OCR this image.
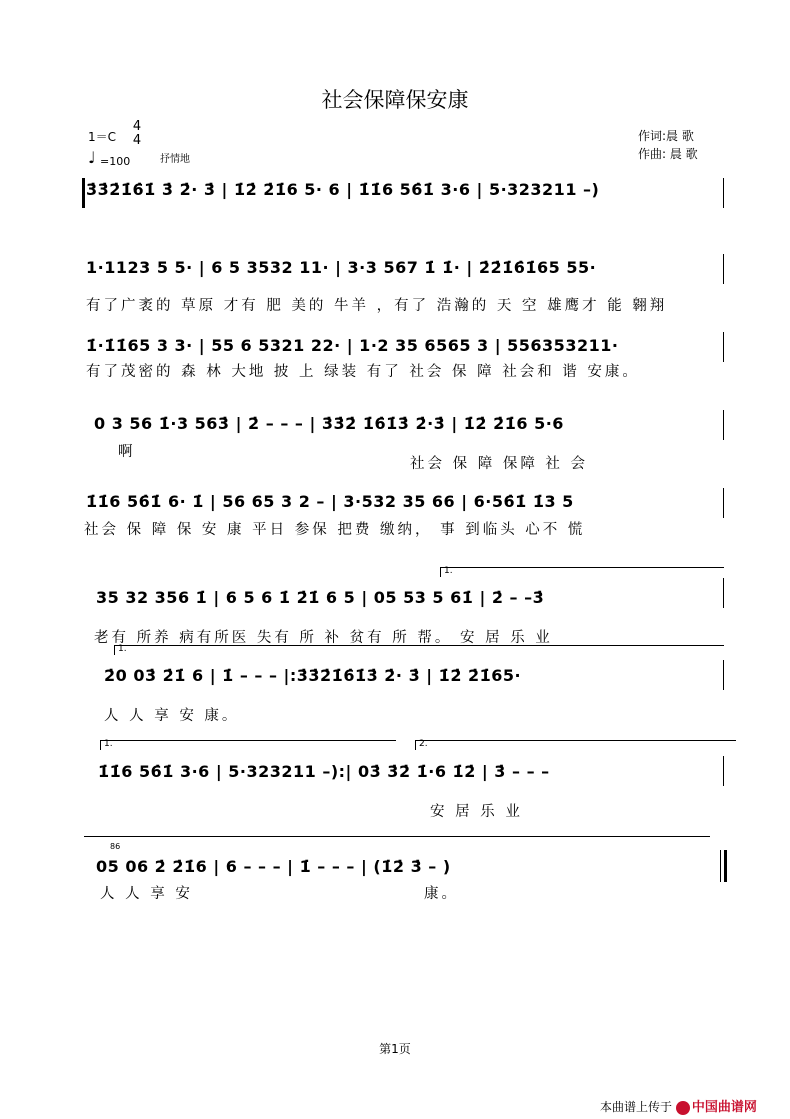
社会保障保安康
1＝C
4
4
♩ =100	抒情地
作词:晨 歌
作曲: 晨 歌
3̇3̇2̇1̇6̇1̇ 3̇ 2̇· 3̇ | 1̇2̇ 2̇1̇6 5· 6 | 1̇1̇6 56̇1̇ 3·6 | 5·323211 –)
1·1123 5 5· | 6 5 3532 11· | 3·3 567 1̇ 1̇· | 2̇2̇1̇6̇1̇65 55·
有了广袤的 草原 才有 肥 美的 牛羊 ，有了 浩瀚的 天 空 雄鹰才 能 翱翔
1̇·1̇1̇65 3 3· | 55 6 5321 22· | 1·2 35 6565 3 | 556353211·
有了茂密的 森 林 大地 披 上 绿装 有了 社会 保 障 社会和 谐 安康。
0 3 56 1̇·3 563̇ | 2̇ – – – | 3̇3̇2̇ 1̇6̇1̇3̇ 2̇·3̇ | 1̇2̇ 2̇1̇6 5·6
啊
社会 保 障 保障 社 会
1̇1̇6 56̇1̇ 6· 1̇ | 56 65 3 2 – | 3·532 35 66 | 6·56̇1̇ 1̇3 5
社会 保 障 保 安 康 平日 参保 把费 缴纳， 事 到临头 心不 慌
1.
35 32 356 1̇ | 6 5 6 1̇ 2̇1̇ 6 5 | 05 53 5 61̇ | 2̇ – –3̇
老有 所养 病有所医 失有 所 补 贫有 所 帮。 安 居 乐 业
1.
2̇0 03̇ 2̇1̇ 6 | 1̇ – – – |:3̇3̇2̇1̇6̇1̇3̇ 2̇· 3̇ | 1̇2̇ 2̇1̇65·
人 人 享 安 康。
1.	2.
1̇1̇6 56̇1̇ 3·6 | 5·323211 –):| 03̇ 3̇2̇ 1̇·6 1̇2̇ | 3̇ – – –
安 居 乐 业
86
05 06 2̇ 2̇1̇6 | 6 – – – | 1̇ – – – | (1̇2̇ 3̇ – )
人 人 享 安	康。
第1页
本曲谱上传于 中国曲谱网
